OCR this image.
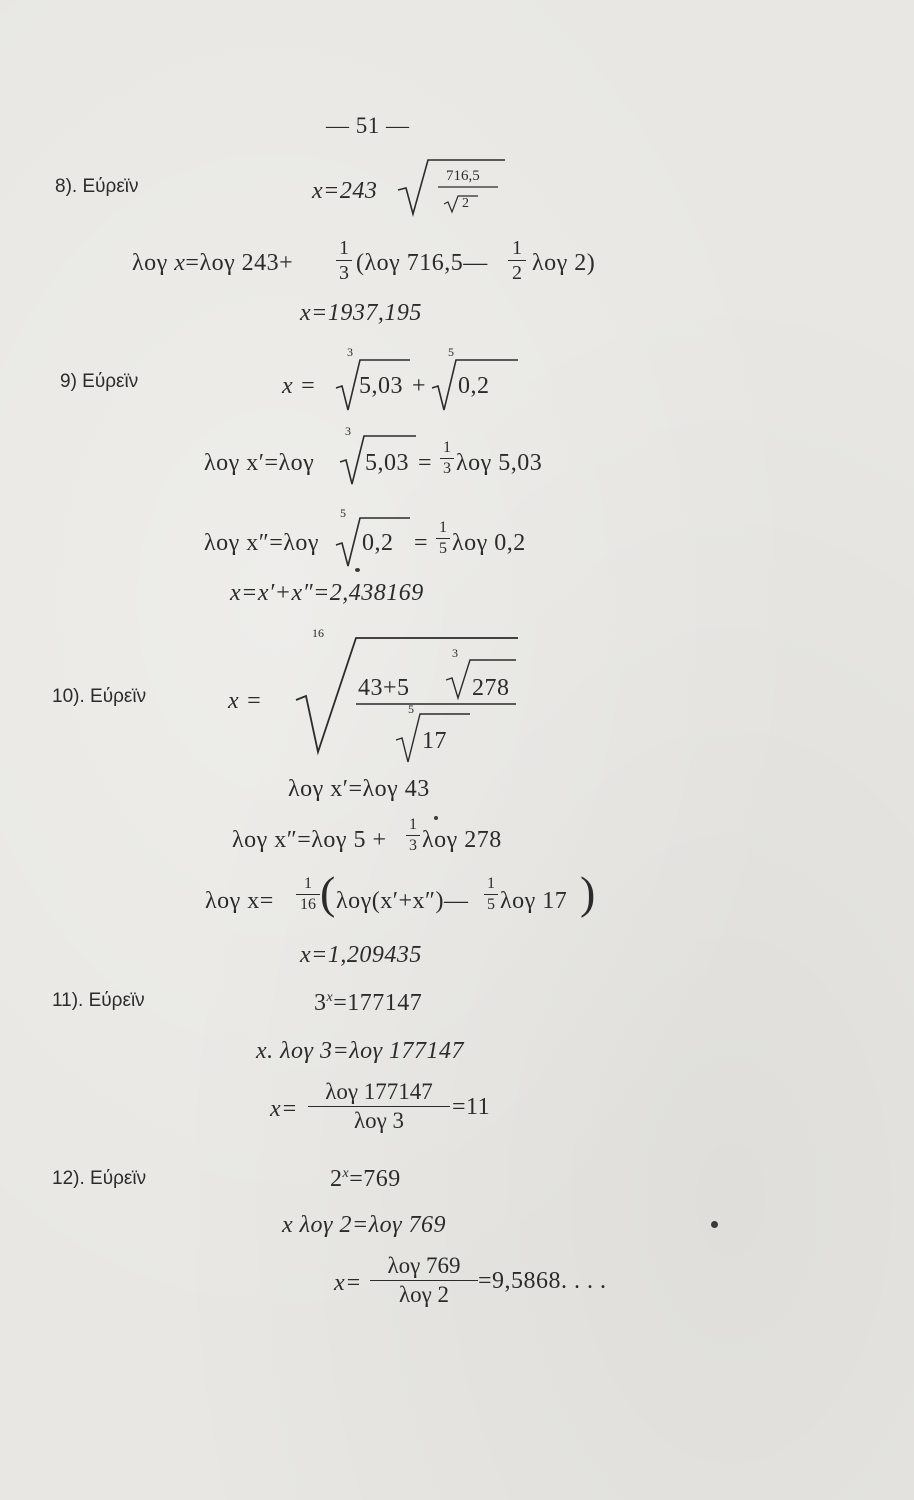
— 51 —
8). Εύρεϊν	x=243
716,5
2
λογ x=λογ 243+
1
3 (λογ 716,5—
1
2 λογ 2)
x=1937,195
9) Εύρεϊν	x =
3
5,03 +
5
0,2
λογ x′=λογ
3
5,03 =
1
3 λογ 5,03
λογ x″=λογ
5
0,2 =
1
5 λογ 0,2
x=x′+x″=2,438169
10). Εύρεϊν	x =
16
43+5
3
278
5
17
λογ x′=λογ 43
λογ x″=λογ 5 +
1
3 λογ 278
λογ x=
1
16 ( λογ(x′+x″)—
1
5 λογ 17 )
x=1,209435
11). Εύρεϊν	$3^x=177147$
x. λογ 3=λογ 177147
x=
λογ 177147
λογ 3
=11
12). Εύρεϊν	$2^x=769$
x λογ 2=λογ 769
x=
λογ 769
λογ 2
=9,5868. . . .
